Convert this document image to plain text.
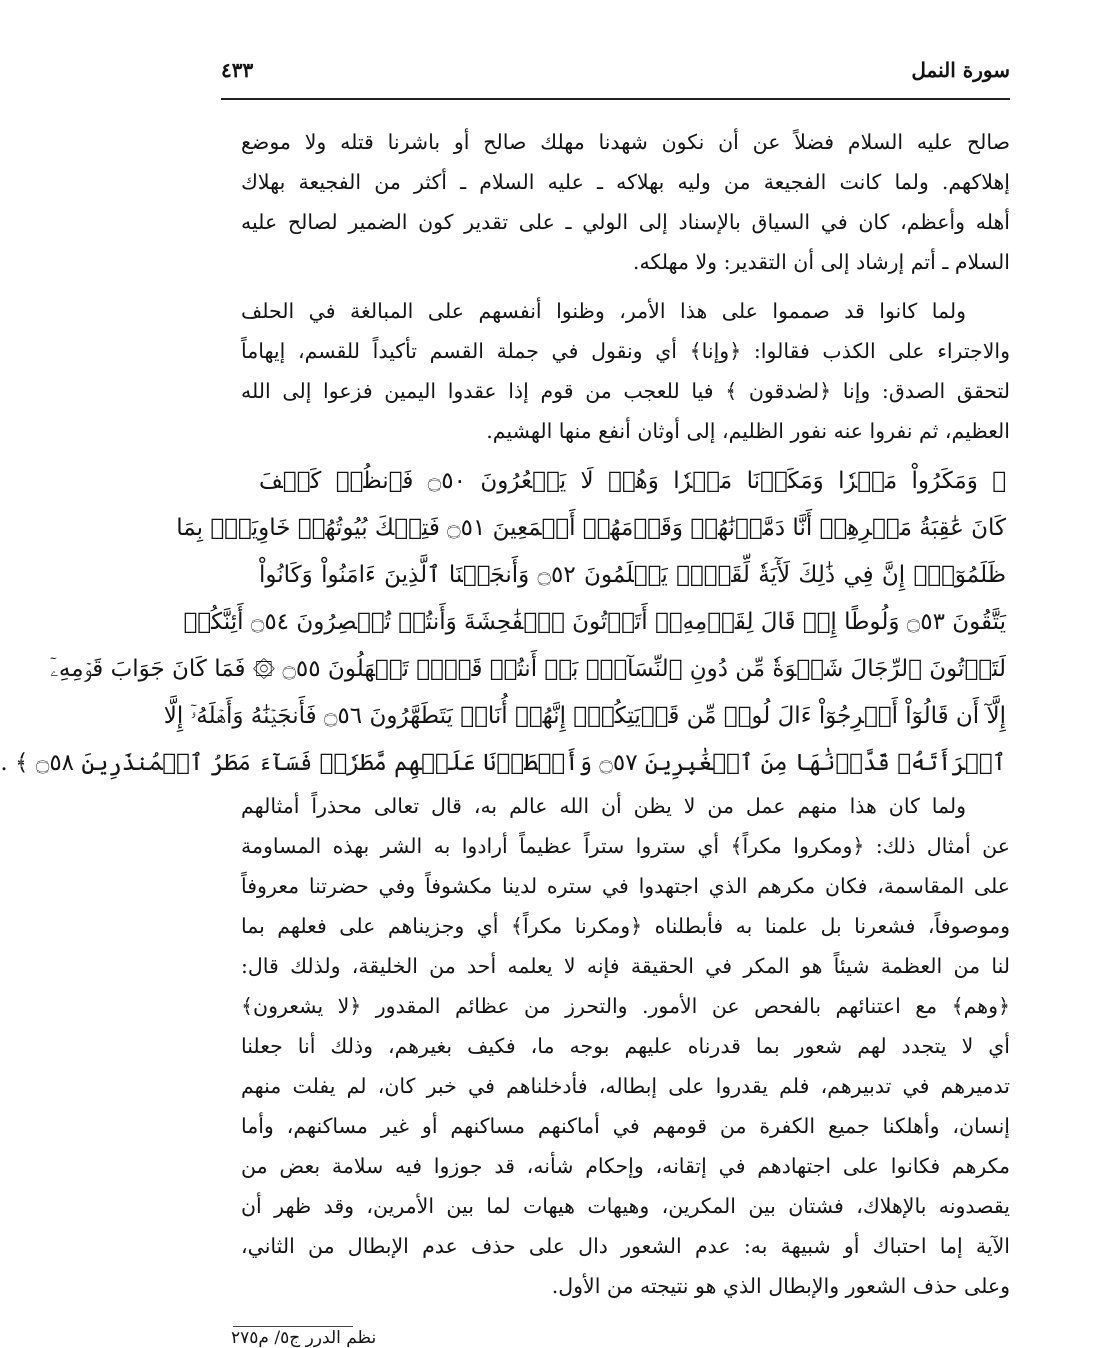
سورة النمل
٤٣٣
صالح عليه السلام فضلاً عن أن نكون شهدنا مهلك صالح أو باشرنا قتله ولا موضع
إهلاكهم. ولما كانت الفجيعة من وليه بهلاكه ـ عليه السلام ـ أكثر من الفجيعة بهلاك
أهله وأعظم، كان في السياق بالإسناد إلى الولي ـ على تقدير كون الضمير لصالح عليه
السلام ـ أتم إرشاد إلى أن التقدير: ولا مهلكه.
ولما كانوا قد صمموا على هذا الأمر، وظنوا أنفسهم على المبالغة في الحلف
والاجتراء على الكذب فقالوا: ﴿وإنا﴾ أي ونقول في جملة القسم تأكيداً للقسم، إيهاماً
لتحقق الصدق: وإنا ﴿لصٰدقون ﴾ فيا للعجب من قوم إذا عقدوا اليمين فزعوا إلى الله
العظيم، ثم نفروا عنه نفور الظليم، إلى أوثان أنفع منها الهشيم.
﴿ وَمَكَرُواْ مَكۡرٗا وَمَكَرۡنَا مَكۡرٗا وَهُمۡ لَا يَشۡعُرُونَ ۝٥٠ فَٱنظُرۡ كَيۡفَ
كَانَ عَٰقِبَةُ مَكۡرِهِمۡ أَنَّا دَمَّرۡنَٰهُمۡ وَقَوۡمَهُمۡ أَجۡمَعِينَ ۝٥١ فَتِلۡكَ بُيُوتُهُمۡ خَاوِيَةَۢ بِمَا
ظَلَمُوٓاْۚ إِنَّ فِي ذَٰلِكَ لَأٓيَةٗ لِّقَوۡمٖ يَعۡلَمُونَ ۝٥٢ وَأَنجَيۡنَا ٱلَّذِينَ ءَامَنُواْ وَكَانُواْ
يَتَّقُونَ ۝٥٣ وَلُوطًا إِذۡ قَالَ لِقَوۡمِهِۦٓ أَتَأۡتُونَ ٱلۡفَٰحِشَةَ وَأَنتُمۡ تُبۡصِرُونَ ۝٥٤ أَئِنَّكُمۡ
لَتَأۡتُونَ ٱلرِّجَالَ شَهۡوَةٗ مِّن دُونِ ٱلنِّسَآءِۚ بَلۡ أَنتُمۡ قَوۡمٞ تَجۡهَلُونَ ۝٥٥ ۞ فَمَا كَانَ جَوَابَ قَوۡمِهِۦٓ
إِلَّآ أَن قَالُوٓاْ أَخۡرِجُوٓاْ ءَالَ لُوطٖ مِّن قَرۡيَتِكُمۡۖ إِنَّهُمۡ أُنَاسٞ يَتَطَهَّرُونَ ۝٥٦ فَأَنجَيۡنَٰهُ وَأَهۡلَهُۥٓ إِلَّا
ٱمۡرَأَتَهُۥ قَدَّرۡنَٰهَا مِنَ ٱلۡغَٰبِرِينَ ۝٥٧ وَأَمۡطَرۡنَا عَلَيۡهِم مَّطَرٗاۖ فَسَآءَ مَطَرُ ٱلۡمُنذَرِينَ ۝٥٨ ﴾ .
ولما كان هذا منهم عمل من لا يظن أن الله عالم به، قال تعالى محذراً أمثالهم
عن أمثال ذلك: ﴿ومكروا مكراً﴾ أي ستروا ستراً عظيماً أرادوا به الشر بهذه المساومة
على المقاسمة، فكان مكرهم الذي اجتهدوا في ستره لدينا مكشوفاً وفي حضرتنا معروفاً
وموصوفاً، فشعرنا بل علمنا به فأبطلناه ﴿ومكرنا مكراً﴾ أي وجزيناهم على فعلهم بما
لنا من العظمة شيئاً هو المكر في الحقيقة فإنه لا يعلمه أحد من الخليقة، ولذلك قال:
﴿وهم﴾ مع اعتنائهم بالفحص عن الأمور. والتحرز من عظائم المقدور ﴿لا يشعرون﴾
أي لا يتجدد لهم شعور بما قدرناه عليهم بوجه ما، فكيف بغيرهم، وذلك أنا جعلنا
تدميرهم في تدبيرهم، فلم يقدروا على إبطاله، فأدخلناهم في خبر كان، لم يفلت منهم
إنسان، وأهلكنا جميع الكفرة من قومهم في أماكنهم مساكنهم أو غير مساكنهم، وأما
مكرهم فكانوا على اجتهادهم في إتقانه، وإحكام شأنه، قد جوزوا فيه سلامة بعض من
يقصدونه بالإهلاك، فشتان بين المكرين، وهيهات هيهات لما بين الأمرين، وقد ظهر أن
الآية إما احتباك أو شبيهة به: عدم الشعور دال على حذف عدم الإبطال من الثاني،
وعلى حذف الشعور والإبطال الذي هو نتيجته من الأول.
نظم الدرر ج٥/ م٢٧٥
